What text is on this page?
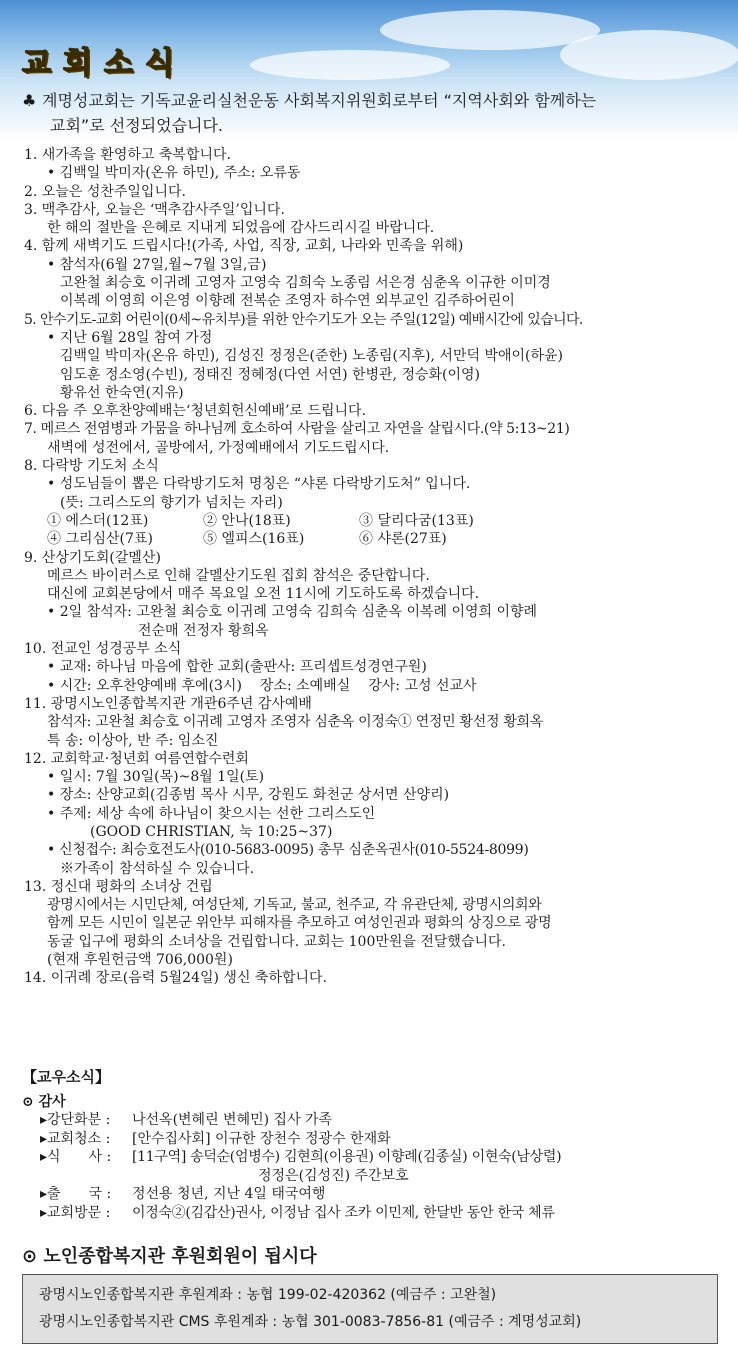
교회소식
♣ 계명성교회는 기독교윤리실천운동 사회복지위원회로부터 “지역사회와 함께하는
교회”로 선정되었습니다.
1. 새가족을 환영하고 축복합니다.
• 김백일 박미자(온유 하민), 주소: 오류동
2. 오늘은 성찬주일입니다.
3. 맥추감사, 오늘은 ‘맥추감사주일’입니다.
한 해의 절반을 은혜로 지내게 되었음에 감사드리시길 바랍니다.
4. 함께 새벽기도 드립시다!(가족, 사업, 직장, 교회, 나라와 민족을 위해)
• 참석자(6월 27일,월~7월 3일,금)
고완철 최승호 이귀례 고영자 고영숙 김희숙 노종림 서은경 심춘옥 이규한 이미경
이복례 이영희 이은영 이향례 전복순 조영자 하수연 외부교인 김주하어린이
5. 안수기도-교회 어린이(0세~유치부)를 위한 안수기도가 오는 주일(12일) 예배시간에 있습니다.
• 지난 6월 28일 참여 가정
김백일 박미자(온유 하민), 김성진 정정은(준한) 노종림(지후), 서만덕 박애이(하윤)
임도훈 정소영(수빈), 정태진 정혜정(다연 서연) 한병관, 정승화(이영)
황유선 한숙연(지유)
6. 다음 주 오후찬양예배는‘청년회헌신예배’로 드립니다.
7. 메르스 전염병과 가뭄을 하나님께 호소하여 사람을 살리고 자연을 살립시다.(약 5:13~21)
새벽에 성전에서, 골방에서, 가정예배에서 기도드립시다.
8. 다락방 기도처 소식
• 성도님들이 뽑은 다락방기도처 명칭은 “샤론 다락방기도처” 입니다.
(뜻: 그리스도의 향기가 넘치는 자리)
① 에스더(12표)	② 안나(18표)	③ 달리다굼(13표)
④ 그리심산(7표)	⑤ 엘피스(16표)	⑥ 샤론(27표)
9. 산상기도회(갈멜산)
메르스 바이러스로 인해 갈멜산기도원 집회 참석은 중단합니다.
대신에 교회본당에서 매주 목요일 오전 11시에 기도하도록 하겠습니다.
• 2일 참석자: 고완철 최승호 이귀례 고영숙 김희숙 심춘옥 이복례 이영희 이향례
전순매 전정자 황희옥
10. 전교인 성경공부 소식
• 교재: 하나님 마음에 합한 교회(출판사: 프리셉트성경연구원)
• 시간: 오후찬양예배 후에(3시) 장소: 소예배실 강사: 고성 선교사
11. 광명시노인종합복지관 개관6주년 감사예배
참석자: 고완철 최승호 이귀례 고영자 조영자 심춘옥 이정숙① 연정민 황선정 황희옥
특 송: 이상아, 반 주: 임소진
12. 교회학교·청년회 여름연합수련회
• 일시: 7월 30일(목)~8월 1일(토)
• 장소: 산양교회(김종범 목사 시무, 강원도 화천군 상서면 산양리)
• 주제: 세상 속에 하나님이 찾으시는 선한 그리스도인
(GOOD CHRISTIAN, 눅 10:25~37)
• 신청접수: 최승호전도사(010-5683-0095) 총무 심춘옥권사(010-5524-8099)
※가족이 참석하실 수 있습니다.
13. 정신대 평화의 소녀상 건립
광명시에서는 시민단체, 여성단체, 기독교, 불교, 천주교, 각 유관단체, 광명시의회와
함께 모든 시민이 일본군 위안부 피해자를 추모하고 여성인권과 평화의 상징으로 광명
동굴 입구에 평화의 소녀상을 건립합니다. 교회는 100만원을 전달했습니다.
(현재 후원헌금액 706,000원)
14. 이귀례 장로(음력 5월24일) 생신 축하합니다.
【교우소식】
⊙ 감사
▸강단화분 : 나선옥(변혜린 변혜민) 집사 가족
▸교회청소 : [안수집사회] 이규한 장천수 정광수 한재화
▸식　　사 : [11구역] 송덕순(엄병수) 김현희(이용권) 이향례(김종실) 이현숙(남상렬)
정정은(김성진) 주간보호
▸출　　국 : 정선용 청년, 지난 4일 태국여행
▸교회방문 : 이정숙②(김갑산)권사, 이정남 집사 조카 이민제, 한달반 동안 한국 체류
⊙ 노인종합복지관 후원회원이 됩시다
광명시노인종합복지관 후원계좌 : 농협 199-02-420362 (예금주 : 고완철)
광명시노인종합복지관 CMS 후원계좌 : 농협 301-0083-7856-81 (예금주 : 계명성교회)
